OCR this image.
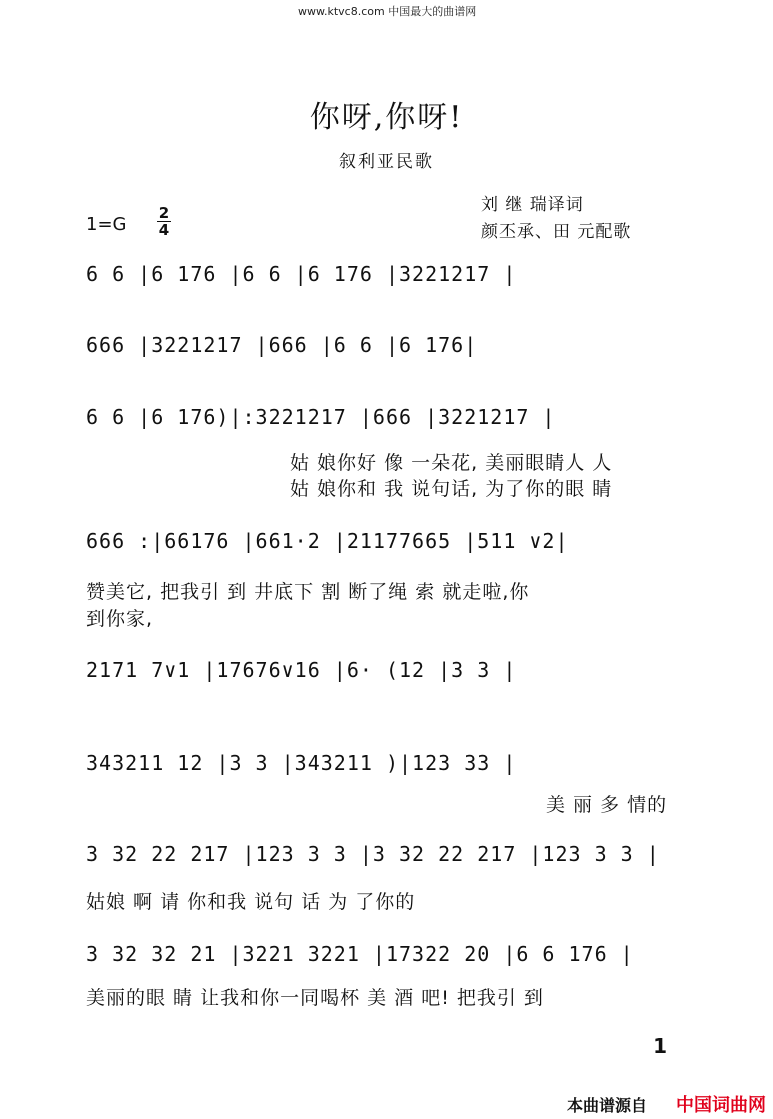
www.ktvc8.com 中国最大的曲谱网
你呀,你呀!
叙利亚民歌
刘 继 瑞译词
颜丕承、田 元配歌
1=G
2
4
6 6 |6 176 |6 6 |6 176 |3221217 |
666 |3221217 |666 |6 6 |6 176|
6 6 |6 176)|:3221217 |666 |3221217 |
姑 娘你好 像 一朵花, 美丽眼睛人 人
姑 娘你和 我 说句话, 为了你的眼 睛
666 :|66176 |661·2 |21177665 |511 ∨2|
赞美它, 把我引 到 井底下 割 断了绳 索 就走啦,你
到你家,
2171 7∨1 |17676∨16 |6· (12 |3 3 |
343211 12 |3 3 |343211 )|123 33 |
美 丽 多 情的
3 32 22 217 |123 3 3 |3 32 22 217 |123 3 3 |
姑娘 啊 请 你和我 说句 话 为 了你的
3 32 32 21 |3221 3221 |17322 20 |6 6 176 |
美丽的眼 睛 让我和你一同喝杯 美 酒 吧! 把我引 到
1
本曲谱源自 中国词曲网
